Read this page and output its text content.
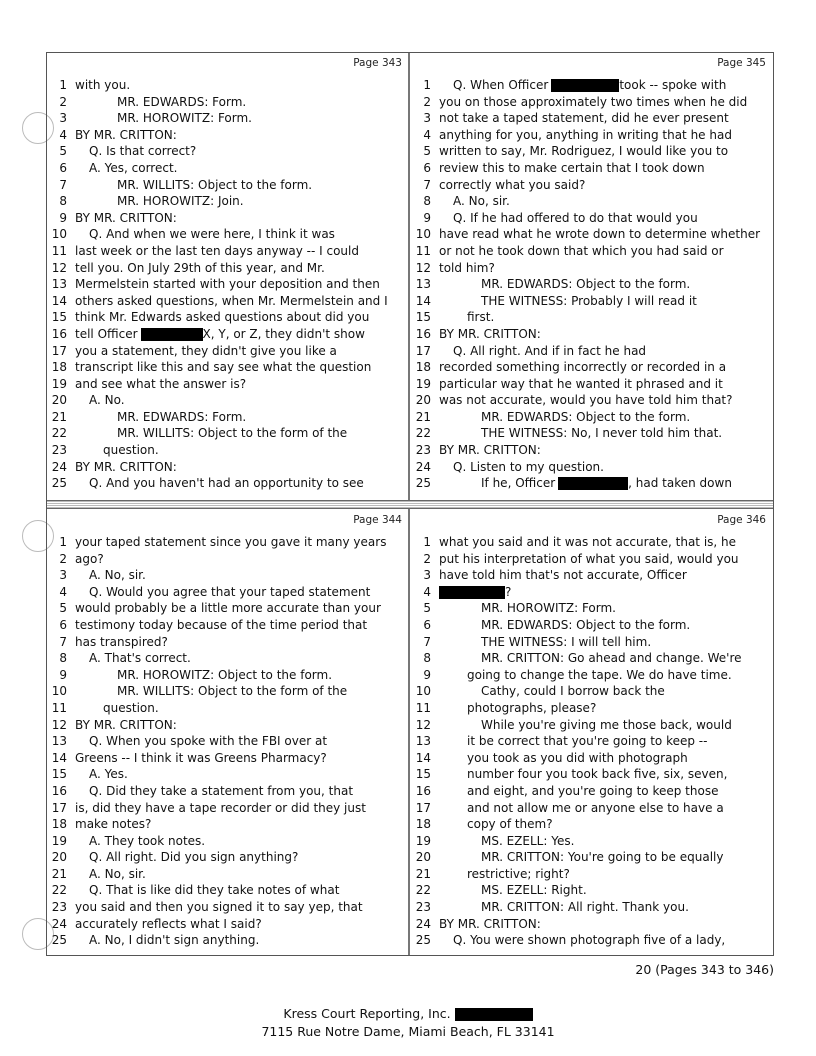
Page 343
1 with you.
2	MR. EDWARDS: Form.
3	MR. HOROWITZ: Form.
4 BY MR. CRITTON:
5 Q. Is that correct?
6 A. Yes, correct.
7	MR. WILLITS: Object to the form.
8	MR. HOROWITZ: Join.
9 BY MR. CRITTON:
10 Q. And when we were here, I think it was
11 last week or the last ten days anyway -- I could
12 tell you. On July 29th of this year, and Mr.
13 Mermelstein started with your deposition and then
14 others asked questions, when Mr. Mermelstein and I
15 think Mr. Edwards asked questions about did you
16 tell Officer	X, Y, or Z, they didn't show
17 you a statement, they didn't give you like a
18 transcript like this and say see what the question
19 and see what the answer is?
20 A. No.
21	MR. EDWARDS: Form.
22	MR. WILLITS: Object to the form of the
23	question.
24 BY MR. CRITTON:
25 Q. And you haven't had an opportunity to see
Page 345
1 Q. When Officer	took -- spoke with
2 you on those approximately two times when he did
3 not take a taped statement, did he ever present
4 anything for you, anything in writing that he had
5 written to say, Mr. Rodriguez, I would like you to
6 review this to make certain that I took down
7 correctly what you said?
8 A. No, sir.
9 Q. If he had offered to do that would you
10 have read what he wrote down to determine whether
11 or not he took down that which you had said or
12 told him?
13	MR. EDWARDS: Object to the form.
14	THE WITNESS: Probably I will read it
15	first.
16 BY MR. CRITTON:
17 Q. All right. And if in fact he had
18 recorded something incorrectly or recorded in a
19 particular way that he wanted it phrased and it
20 was not accurate, would you have told him that?
21	MR. EDWARDS: Object to the form.
22	THE WITNESS: No, I never told him that.
23 BY MR. CRITTON:
24 Q. Listen to my question.
25	If he, Officer	, had taken down
Page 344
1 your taped statement since you gave it many years
2 ago?
3 A. No, sir.
4 Q. Would you agree that your taped statement
5 would probably be a little more accurate than your
6 testimony today because of the time period that
7 has transpired?
8 A. That's correct.
9	MR. HOROWITZ: Object to the form.
10	MR. WILLITS: Object to the form of the
11	question.
12 BY MR. CRITTON:
13 Q. When you spoke with the FBI over at
14 Greens -- I think it was Greens Pharmacy?
15 A. Yes.
16 Q. Did they take a statement from you, that
17 is, did they have a tape recorder or did they just
18 make notes?
19 A. They took notes.
20 Q. All right. Did you sign anything?
21 A. No, sir.
22 Q. That is like did they take notes of what
23 you said and then you signed it to say yep, that
24 accurately reflects what I said?
25 A. No, I didn't sign anything.
Page 346
1 what you said and it was not accurate, that is, he
2 put his interpretation of what you said, would you
3 have told him that's not accurate, Officer
4	?
5	MR. HOROWITZ: Form.
6	MR. EDWARDS: Object to the form.
7	THE WITNESS: I will tell him.
8	MR. CRITTON: Go ahead and change. We're
9	going to change the tape. We do have time.
10	Cathy, could I borrow back the
11	photographs, please?
12	While you're giving me those back, would
13	it be correct that you're going to keep --
14	you took as you did with photograph
15	number four you took back five, six, seven,
16	and eight, and you're going to keep those
17	and not allow me or anyone else to have a
18	copy of them?
19	MS. EZELL: Yes.
20	MR. CRITTON: You're going to be equally
21	restrictive; right?
22	MS. EZELL: Right.
23	MR. CRITTON: All right. Thank you.
24 BY MR. CRITTON:
25 Q. You were shown photograph five of a lady,
20 (Pages 343 to 346)
Kress Court Reporting, Inc.
7115 Rue Notre Dame, Miami Beach, FL 33141
